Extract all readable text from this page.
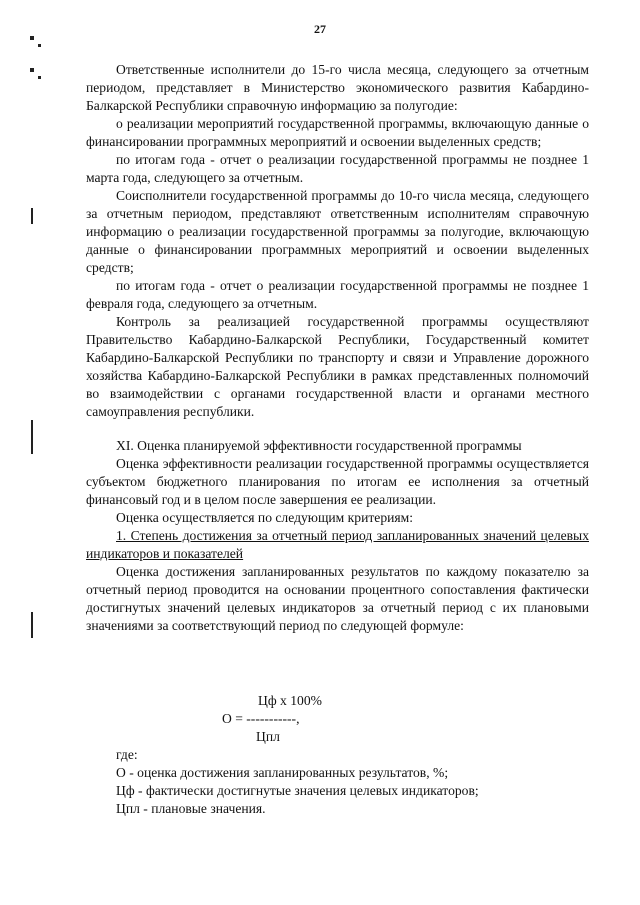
27

Ответственные исполнители до 15-го числа месяца, следующего за отчетным периодом, представляет в Министерство экономического развития Кабардино-Балкарской Республики справочную информацию за полугодие:

о реализации мероприятий государственной программы, включающую данные о финансировании программных мероприятий и освоении выделенных средств;

по итогам года - отчет о реализации государственной программы не позднее 1 марта года, следующего за отчетным.

Соисполнители государственной программы до 10-го числа месяца, следующего за отчетным периодом, представляют ответственным исполнителям справочную информацию о реализации государственной программы за полугодие, включающую данные о финансировании программных мероприятий и освоении выделенных средств;

по итогам года - отчет о реализации государственной программы не позднее 1 февраля года, следующего за отчетным.

Контроль за реализацией государственной программы осуществляют Правительство Кабардино-Балкарской Республики, Государственный комитет Кабардино-Балкарской Республики по транспорту и связи и Управление дорожного хозяйства Кабардино-Балкарской Республики в рамках представленных полномочий во взаимодействии с органами государственной власти и органами местного самоуправления республики.

XI. Оценка планируемой эффективности государственной программы

Оценка эффективности реализации государственной программы осуществляется субъектом бюджетного планирования по итогам ее исполнения за отчетный финансовый год и в целом после завершения ее реализации.

Оценка осуществляется по следующим критериям:

1. Степень достижения за отчетный период запланированных значений целевых индикаторов и показателей

Оценка достижения запланированных результатов по каждому показателю за отчетный период проводится на основании процентного сопоставления фактически достигнутых значений целевых индикаторов за отчетный период с их плановыми значениями за соответствующий период по следующей формуле:

Цф x 100%
О = -----------,
Цпл
где:
О - оценка достижения запланированных результатов, %;
Цф - фактически достигнутые значения целевых индикаторов;
Цпл - плановые значения.
